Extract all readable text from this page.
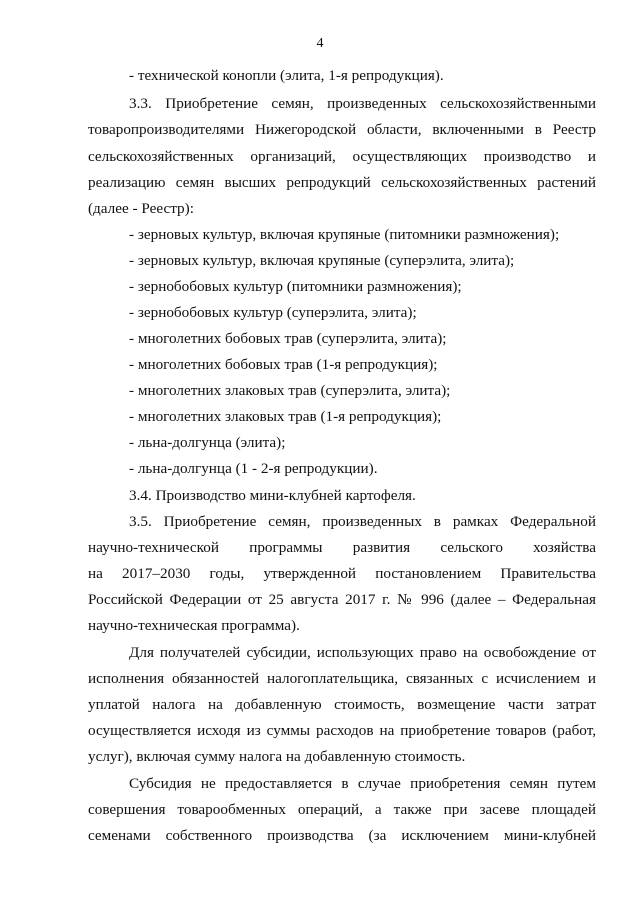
4
- технической конопли (элита, 1-я репродукция).
3.3. Приобретение семян, произведенных сельскохозяйственными
товаропроизводителями Нижегородской области, включенными в Реестр
сельскохозяйственных организаций, осуществляющих производство и
реализацию семян высших репродукций сельскохозяйственных растений
(далее - Реестр):
- зерновых культур, включая крупяные (питомники размножения);
- зерновых культур, включая крупяные (суперэлита, элита);
- зернобобовых культур (питомники размножения);
- зернобобовых культур (суперэлита, элита);
- многолетних бобовых трав (суперэлита, элита);
- многолетних бобовых трав (1-я репродукция);
- многолетних злаковых трав (суперэлита, элита);
- многолетних злаковых трав (1-я репродукция);
- льна-долгунца (элита);
- льна-долгунца (1 - 2-я репродукции).
3.4. Производство мини-клубней картофеля.
3.5. Приобретение семян, произведенных в рамках Федеральной
научно-технической программы развития сельского хозяйства
на 2017–2030 годы, утвержденной постановлением Правительства
Российской Федерации от 25 августа 2017 г. № 996 (далее – Федеральная
научно-техническая программа).
Для получателей субсидии, использующих право на освобождение от
исполнения обязанностей налогоплательщика, связанных с исчислением и
уплатой налога на добавленную стоимость, возмещение части затрат
осуществляется исходя из суммы расходов на приобретение товаров (работ,
услуг), включая сумму налога на добавленную стоимость.
Субсидия не предоставляется в случае приобретения семян путем
совершения товарообменных операций, а также при засеве площадей
семенами собственного производства (за исключением мини-клубней
